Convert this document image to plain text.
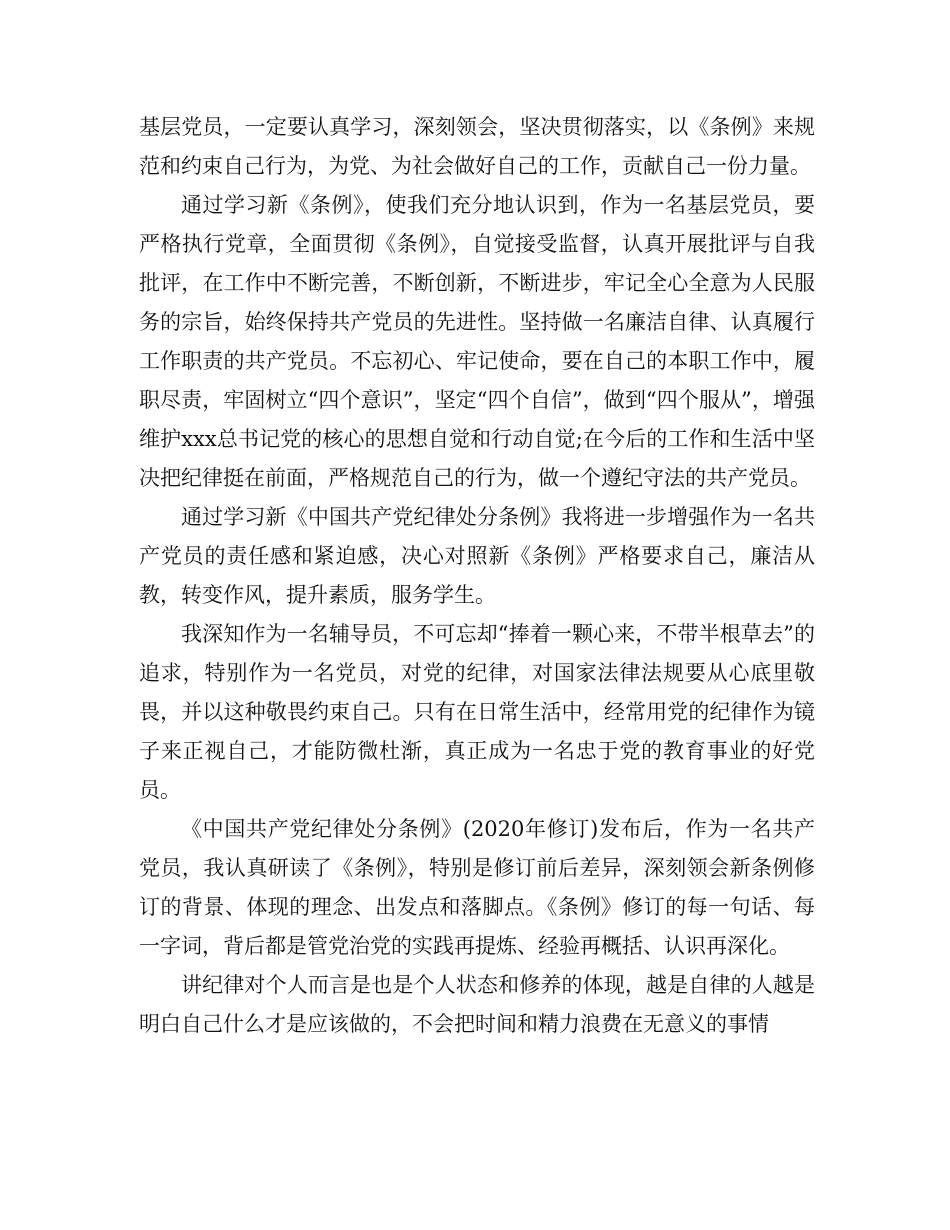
基层党员，一定要认真学习，深刻领会，坚决贯彻落实，以《条例》来规范和约束自己行为，为党、为社会做好自己的工作，贡献自己一份力量。

通过学习新《条例》，使我们充分地认识到，作为一名基层党员，要严格执行党章，全面贯彻《条例》，自觉接受监督，认真开展批评与自我批评，在工作中不断完善，不断创新，不断进步，牢记全心全意为人民服务的宗旨，始终保持共产党员的先进性。坚持做一名廉洁自律、认真履行工作职责的共产党员。不忘初心、牢记使命，要在自己的本职工作中，履职尽责，牢固树立“四个意识”，坚定“四个自信”，做到“四个服从”，增强维护xxx总书记党的核心的思想自觉和行动自觉;在今后的工作和生活中坚决把纪律挺在前面，严格规范自己的行为，做一个遵纪守法的共产党员。

通过学习新《中国共产党纪律处分条例》我将进一步增强作为一名共产党员的责任感和紧迫感，决心对照新《条例》严格要求自己，廉洁从教，转变作风，提升素质，服务学生。

我深知作为一名辅导员，不可忘却“捧着一颗心来，不带半根草去”的追求，特别作为一名党员，对党的纪律，对国家法律法规要从心底里敬畏，并以这种敬畏约束自己。只有在日常生活中，经常用党的纪律作为镜子来正视自己，才能防微杜渐，真正成为一名忠于党的教育事业的好党员。

《中国共产党纪律处分条例》(2020年修订)发布后，作为一名共产党员，我认真研读了《条例》，特别是修订前后差异，深刻领会新条例修订的背景、体现的理念、出发点和落脚点。《条例》修订的每一句话、每一字词，背后都是管党治党的实践再提炼、经验再概括、认识再深化。

讲纪律对个人而言是也是个人状态和修养的体现，越是自律的人越是明白自己什么才是应该做的，不会把时间和精力浪费在无意义的事情
